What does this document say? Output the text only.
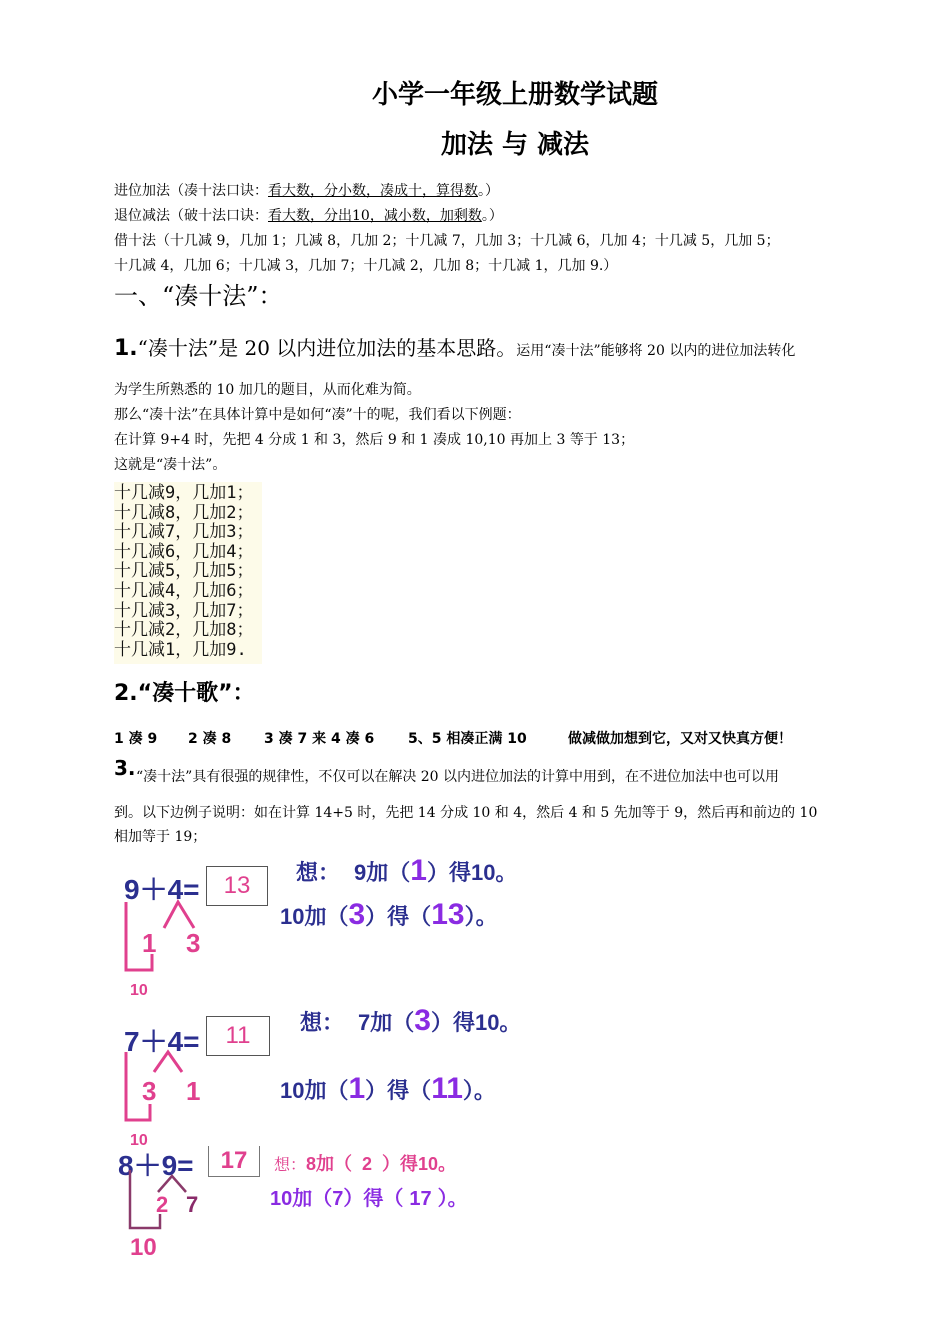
小学一年级上册数学试题
加法 与 减法
进位加法（凑十法口诀：看大数，分小数，凑成十，算得数。）
退位减法（破十法口诀：看大数，分出10，减小数，加剩数。）
借十法（十几减 9，几加 1；几减 8，几加 2；十几减 7，几加 3；十几减 6，几加 4；十几减 5，几加 5；
十几减 4，几加 6；十几减 3，几加 7；十几减 2，几加 8；十几减 1，几加 9.）
一、“凑十法”：
1.“凑十法”是 20 以内进位加法的基本思路。运用“凑十法”能够将 20 以内的进位加法转化
为学生所熟悉的 10 加几的题目，从而化难为简。
那么“凑十法”在具体计算中是如何“凑”十的呢，我们看以下例题：
在计算 9+4 时，先把 4 分成 1 和 3，然后 9 和 1 凑成 10,10 再加上 3 等于 13；
这就是“凑十法”。
十几减9，几加1；
十几减8，几加2；
十几减7，几加3；
十几减6，几加4；
十几减5，几加5；
十几减4，几加6；
十几减3，几加7；
十几减2，几加8；
十几减1，几加9.
2.“凑十歌”：
1 凑 9 2 凑 8 3 凑 7 来 4 凑 6 5、5 相凑正满 10	做减做加想到它，又对又快真方便！
3. “凑十法”具有很强的规律性，不仅可以在解决 20 以内进位加法的计算中用到，在不进位加法中也可以用
到。以下边例子说明：如在计算 14+5 时，先把 14 分成 10 和 4，然后 4 和 5 先加等于 9，然后再和前边的 10
相加等于 19；
9＋4=	13
1 3
10
想： 9加（1）得10。
10加（3）得（13）。
7＋4=	11
3 1
10
想： 7加（3）得10。
10加（1）得（11）。
8＋9=	17
2 7
10
想：8加（ 2 ）得10。
10加（7）得（ 17 ）。
